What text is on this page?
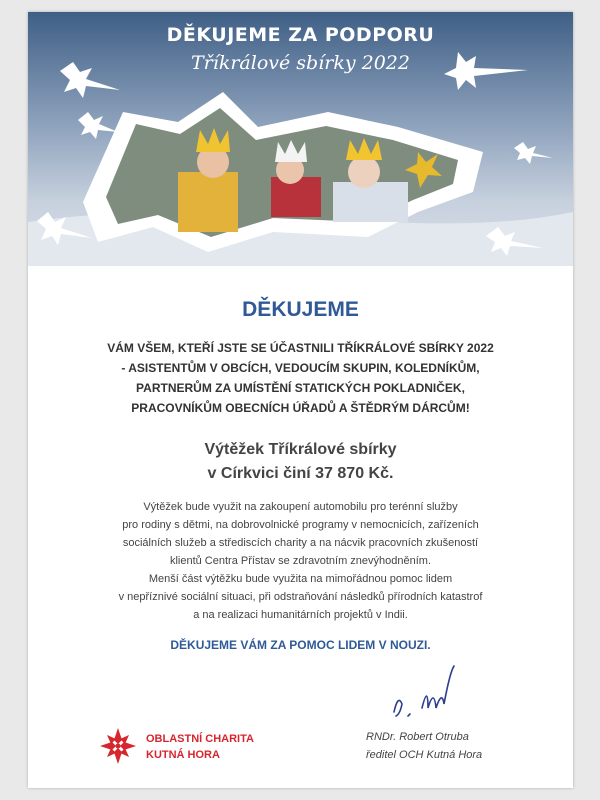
DĚKUJEME ZA PODPORU
Tříkrálové sbírky 2022
DĚKUJEME
VÁM VŠEM, KTEŘÍ JSTE SE ÚČASTNILI TŘÍKRÁLOVÉ SBÍRKY 2022
- ASISTENTŮM V OBCÍCH, VEDOUCÍM SKUPIN, KOLEDNÍKŮM,
PARTNERŮM ZA UMÍSTĚNÍ STATICKÝCH POKLADNIČEK,
PRACOVNÍKŮM OBECNÍCH ÚŘADŮ A ŠTĚDRÝM DÁRCŮM!
Výtěžek Tříkrálové sbírky
v Církvici činí 37 870 Kč.
Výtěžek bude využit na zakoupení automobilu pro terénní služby
pro rodiny s dětmi, na dobrovolnické programy v nemocnicích, zařízeních
sociálních služeb a střediscích charity a na nácvik pracovních zkušeností
klientů Centra Přístav se zdravotním znevýhodněním.
Menší část výtěžku bude využita na mimořádnou pomoc lidem
v nepříznivé sociální situaci, při odstraňování následků přírodních katastrof
a na realizaci humanitárních projektů v Indii.
DĚKUJEME VÁM ZA POMOC LIDEM V NOUZI.
OBLASTNÍ CHARITA
KUTNÁ HORA
RNDr. Robert Otruba
ředitel OCH Kutná Hora
